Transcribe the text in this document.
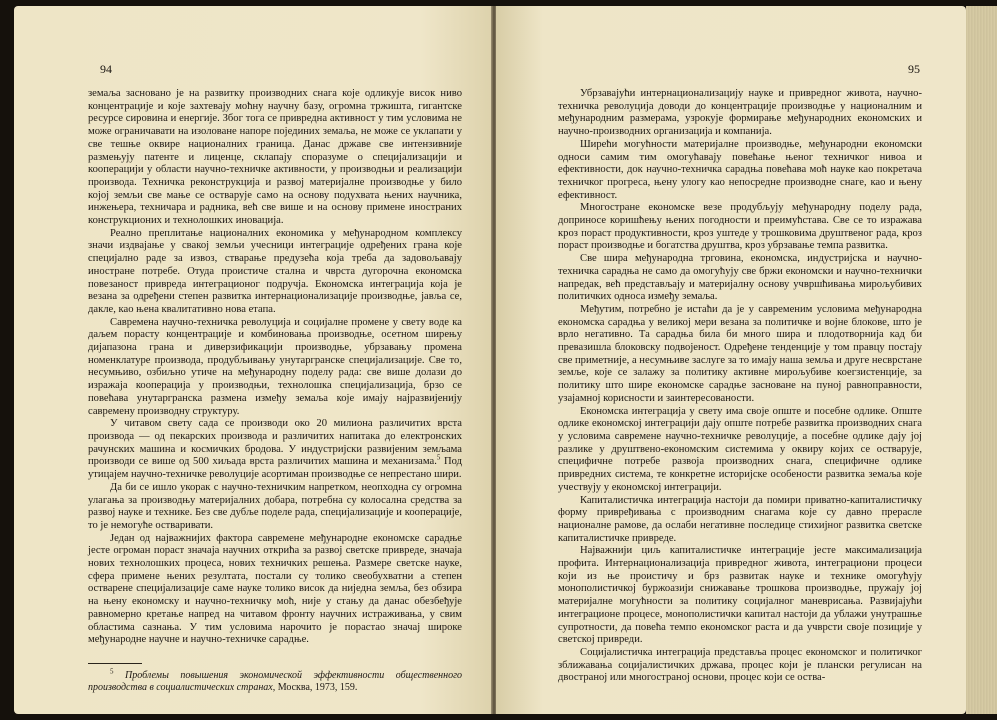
94

земаља засновано је на развитку производних снага које одликује висок ниво концентрације и које захтевају моћну научну базу, огромна тржишта, гигантске ресурсе сировина и енергије. Због тога се привредна активност у тим условима не може ограничавати на изоловане напоре појединих земаља, не може се уклапати у све тешње оквире националних граница. Данас државе све интензивније размењују патенте и лиценце, склапају споразуме о специјализацији и кооперацији у области научно-техничке активности, у производњи и реализацији производа. Техничка реконструкција и развој материјалне производње у било којој земљи све мање се остварује само на основу подухвата њених научника, инжењера, техничара и радника, већ све више и на основу примене иностраних конструкционих и технолошких иновација.

Реално преплитање националних економика у међународном комплексу значи издвајање у свакој земљи учесници интеграције одређених грана које специјално раде за извоз, стварање предузећа која треба да задовољавају иностране потребе. Отуда проистиче стална и чврста дугорочна економска повезаност привреда интеграционог подручја. Економска интеграција која је везана за одређени степен развитка интернационализације производње, јавља се, дакле, као њена квалитативно нова етапа.

Савремена научно-техничка револуција и социјалне промене у свету воде ка даљем порасту концентрације и комбиновања производње, осетном ширењу дијапазона грана и диверзификацији производње, убрзавању промена номенклатуре производа, продубљивању унутаргранске специјализације. Све то, несумњиво, озбиљно утиче на међународну поделу рада: све више долази до изражаја кооперација у производњи, технолошка специјализација, брзо се повећава унутаргранска размена између земаља које имају најразвијенију савремену производну структуру.

У читавом свету сада се производи око 20 милиона различитих врста производа — од пекарских производа и различитих напитака до електронских рачунских машина и космичких бродова. У индустријски развијеним земљама производи се више од 500 хиљада врста различитих машина и механизама.$^5$ Под утицајем научно-техничке револуције асортиман производње се непрестано шири.

Да би се ишло укорак с научно-техничким напретком, неопходна су огромна улагања за производњу материјалних добара, потребна су колосална средства за развој науке и технике. Без све дубље поделе рада, специјализације и кооперације, то је немогуће остваривати.

Један од најважнијих фактора савремене међународне економске сарадње јесте огроман пораст значаја научних открића за развој светске привреде, значаја нових технолошких процеса, нових техничких решења. Размере светске науке, сфера примене њених резултата, постали су толико свеобухватни а степен остварене специјализације саме науке толико висок да ниједна земља, без обзира на њену економску и научно-техничку моћ, није у стању да данас обезбеђује равномерно кретање напред на читавом фронту научних истраживања, у свим областима сазнања. У тим условима нарочито је порастао значај широке међународне научне и научно-техничке сарадње.

$^5$ Проблемы повышения экономической эффективности общественного производства в социалистических странах, Москва, 1973, 159.
95

Убрзавајући интернационализацију науке и привредног живота, научно-техничка револуција доводи до концентрације производње у националним и међународним размерама, узрокује формирање међународних економских и научно-производних организација и компанија.

Ширећи могућности материјалне производње, међународни економски односи самим тим омогућавају повећање њеног техничког нивоа и ефективности, док научно-техничка сарадња повећава моћ науке као покретача техничког прогреса, њену улогу као непосредне производне снаге, као и њену ефективност.

Многостране економске везе продубљују међународну поделу рада, доприносе коришћењу њених погодности и преимућстава. Све се то изражава кроз пораст продуктивности, кроз уштеде у трошковима друштвеног рада, кроз пораст производње и богатства друштва, кроз убрзавање темпа развитка.

Све шира међународна трговина, економска, индустријска и научно-техничка сарадња не само да омогућују све бржи економски и научно-технички напредак, већ представљају и материјалну основу учвршћивања мирољубивих политичких односа између земаља.

Међутим, потребно је истаћи да је у савременим условима међународна економска сарадња у великој мери везана за политичке и војне блокове, што је врло негативно. Та сарадња била би много шира и плодотворнија кад би превазишла блоковску подвојеност. Одређене тенденције у том правцу постају све приметније, а несумњиве заслуге за то имају наша земља и друге несврстане земље, које се залажу за политику активне мирољубиве коегзистенције, за политику што шире економске сарадње засноване на пуној равноправности, узајамној корисности и заинтересованости.

Економска интеграција у свету има своје опште и посебне одлике. Опште одлике економској интеграцији дају опште потребе развитка производних снага у условима савремене научно-техничке револуције, а посебне одлике дају јој разлике у друштвено-економским системима у оквиру којих се остварује, специфичне потребе развоја производних снага, специфичне одлике привредних система, те конкретне историјске особености развитка земаља које учествују у економској интеграцији.

Капиталистичка интеграција настоји да помири приватно-капиталистичку форму привређивања с производним снагама које су давно прерасле националне рамове, да ослаби негативне последице стихијног развитка светске капиталистичке привреде.

Најважнији циљ капиталистичке интеграције јесте максимализација профита. Интернационализација привредног живота, интеграциони процеси који из ње проистичу и брз развитак науке и технике омогућују монополистичкој буржоазији снижавање трошкова производње, пружају јој материјалне могућности за политику социјалног маневрисања. Развијајући интеграционе процесе, монополистички капитал настоји да ублажи унутрашње супротности, да повећа темпо економског раста и да учврсти своје позиције у светској привреди.

Социјалистичка интеграција представља процес економског и политичког зближавања социјалистичких држава, процес који је плански регулисан на двостраној или многостраној основи, процес који се оства-
